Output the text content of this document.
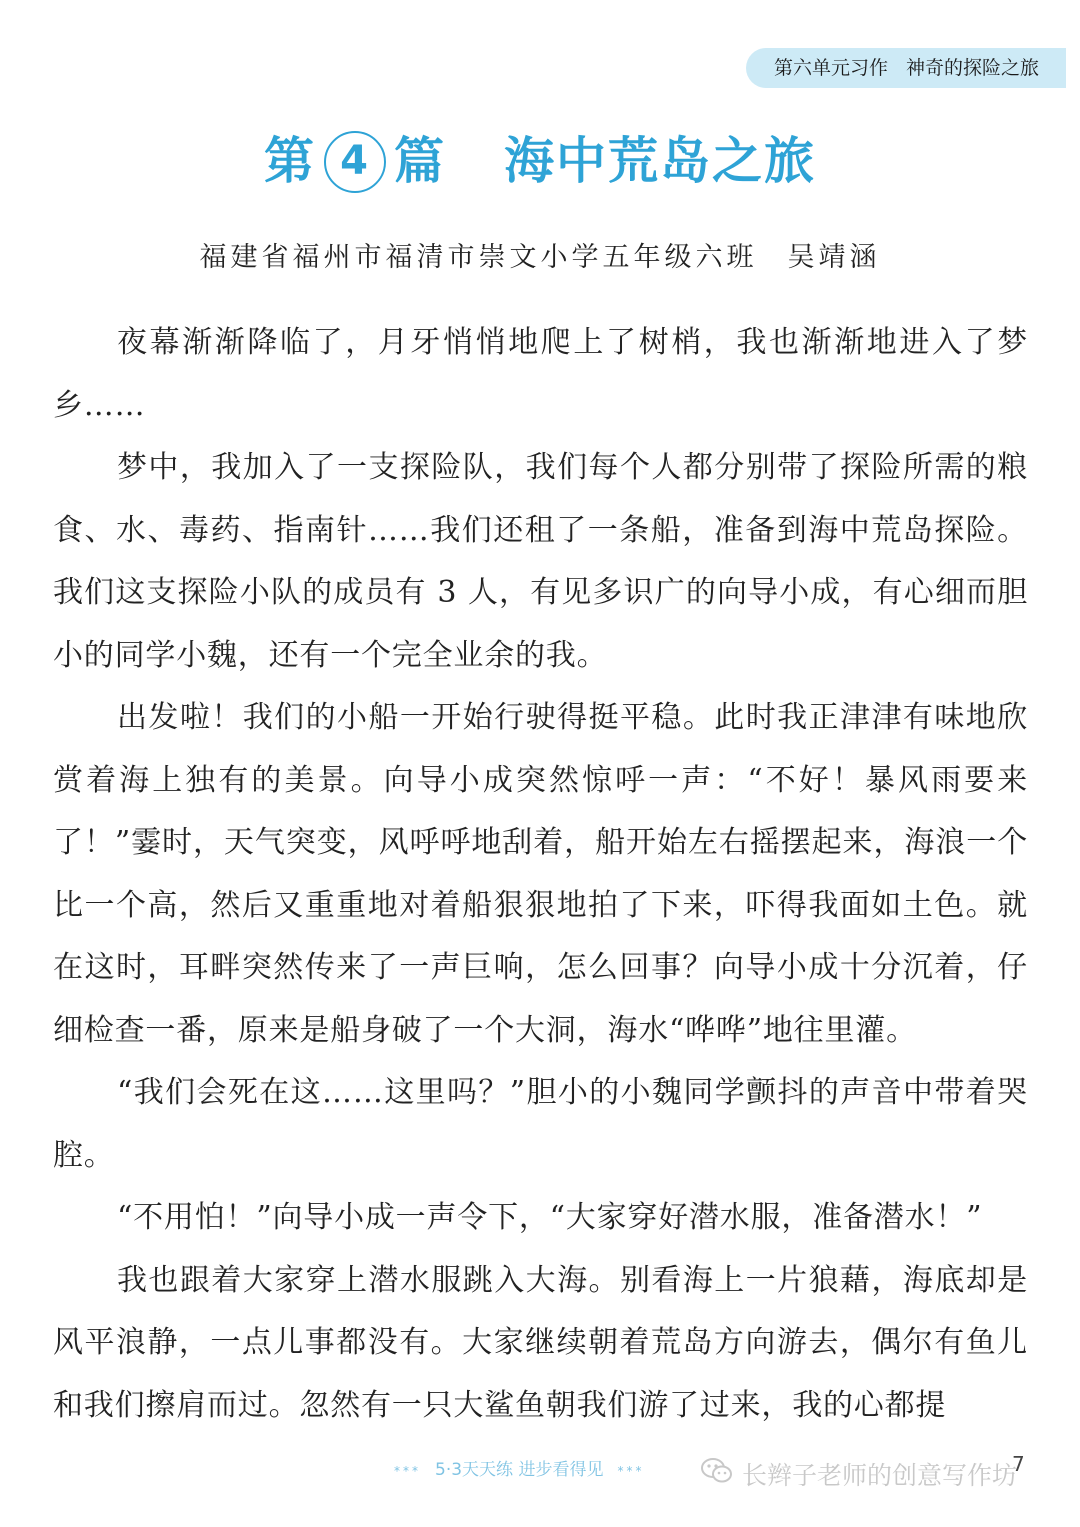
第六单元习作 神奇的探险之旅
第 4 篇 海中荒岛之旅
福建省福州市福清市崇文小学五年级六班 吴靖涵

夜幕渐渐降临了，月牙悄悄地爬上了树梢，我也渐渐地进入了梦乡……

梦中，我加入了一支探险队，我们每个人都分别带了探险所需的粮食、水、毒药、指南针……我们还租了一条船，准备到海中荒岛探险。我们这支探险小队的成员有 3 人，有见多识广的向导小成，有心细而胆小的同学小魏，还有一个完全业余的我。

出发啦！我们的小船一开始行驶得挺平稳。此时我正津津有味地欣赏着海上独有的美景。向导小成突然惊呼一声：“不好！暴风雨要来了！”霎时，天气突变，风呼呼地刮着，船开始左右摇摆起来，海浪一个比一个高，然后又重重地对着船狠狠地拍了下来，吓得我面如土色。就在这时，耳畔突然传来了一声巨响，怎么回事？向导小成十分沉着，仔细检查一番，原来是船身破了一个大洞，海水“哗哗”地往里灌。

“我们会死在这……这里吗？”胆小的小魏同学颤抖的声音中带着哭腔。

“不用怕！”向导小成一声令下，“大家穿好潜水服，准备潜水！”

我也跟着大家穿上潜水服跳入大海。别看海上一片狼藉，海底却是风平浪静，一点儿事都没有。大家继续朝着荒岛方向游去，偶尔有鱼儿和我们擦肩而过。忽然有一只大鲨鱼朝我们游了过来，我的心都提

*** 5·3天天练 进步看得见 ***	长辫子老师的创意写作坊
7
